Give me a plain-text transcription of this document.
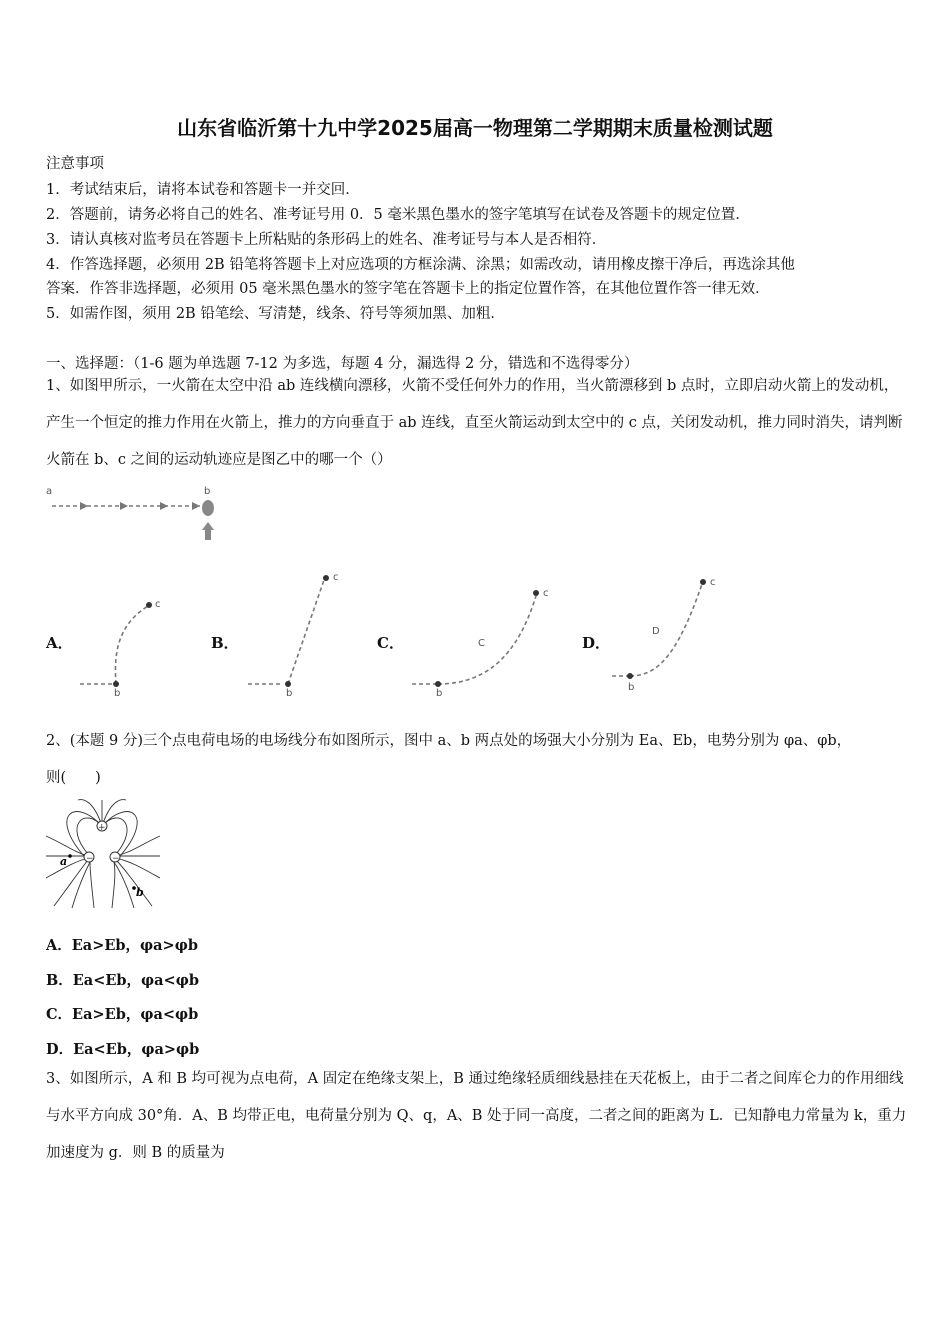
山东省临沂第十九中学2025届高一物理第二学期期末质量检测试题
注意事项
1．考试结束后，请将本试卷和答题卡一并交回．
2．答题前，请务必将自己的姓名、准考证号用 0．5 毫米黑色墨水的签字笔填写在试卷及答题卡的规定位置．
3．请认真核对监考员在答题卡上所粘贴的条形码上的姓名、准考证号与本人是否相符．
4．作答选择题，必须用 2B 铅笔将答题卡上对应选项的方框涂满、涂黑；如需改动，请用橡皮擦干净后，再选涂其他
答案．作答非选择题，必须用 05 毫米黑色墨水的签字笔在答题卡上的指定位置作答，在其他位置作答一律无效．
5．如需作图，须用 2B 铅笔绘、写清楚，线条、符号等须加黑、加粗．
一、选择题：（1-6 题为单选题 7-12 为多选，每题 4 分，漏选得 2 分，错选和不选得零分）
1、如图甲所示，一火箭在太空中沿 ab 连线横向漂移，火箭不受任何外力的作用，当火箭漂移到 b 点时，立即启动火箭上的发动机，产生一个恒定的推力作用在火箭上，推力的方向垂直于 ab 连线，直至火箭运动到太空中的 c 点，关闭发动机，推力同时消失，请判断火箭在 b、c 之间的运动轨迹应是图乙中的哪一个（）
a	b
A．	B．	C．	D．
b
c
b
c
b
c
C
b
c
D
2、(本题 9 分)三个点电荷电场的电场线分布如图所示，图中 a、b 两点处的场强大小分别为 Ea、Eb，电势分别为 φa、φb，
则(　　)
+
− −
a
b
A．Ea>Eb，φa>φb
B．Ea<Eb，φa<φb
C．Ea>Eb，φa<φb
D．Ea<Eb，φa>φb
3、如图所示，A 和 B 均可视为点电荷，A 固定在绝缘支架上，B 通过绝缘轻质细线悬挂在天花板上，由于二者之间库仑力的作用细线与水平方向成 30°角．A、B 均带正电，电荷量分别为 Q、q，A、B 处于同一高度，二者之间的距离为 L．已知静电力常量为 k，重力加速度为 g．则 B 的质量为
